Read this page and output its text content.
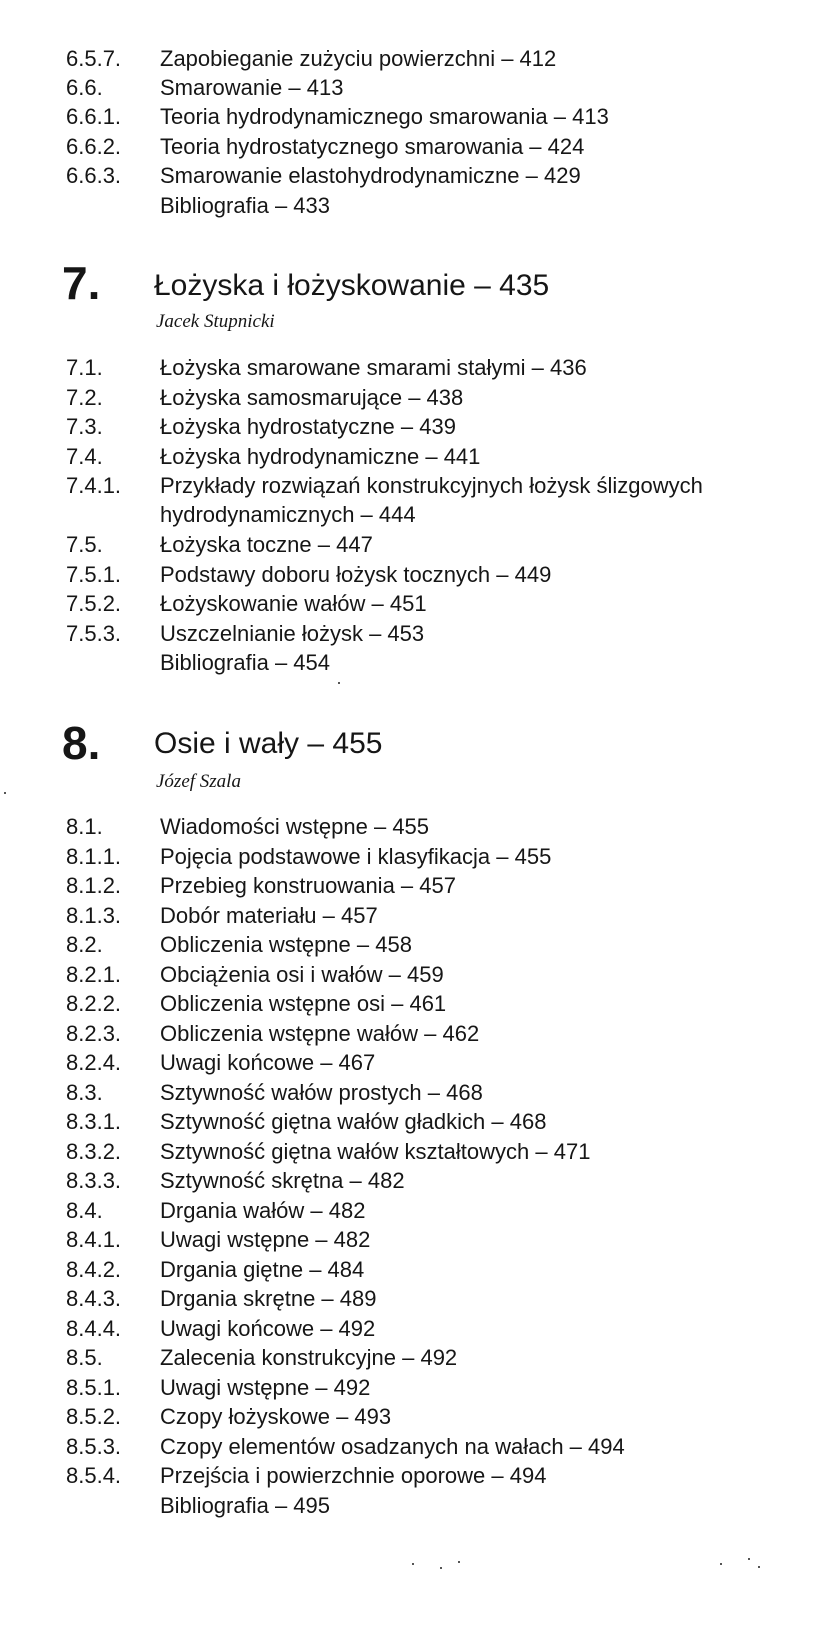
6.5.7. Zapobieganie zużyciu powierzchni – 412
6.6.	Smarowanie – 413
6.6.1. Teoria hydrodynamicznego smarowania – 413
6.6.2. Teoria hydrostatycznego smarowania – 424
6.6.3. Smarowanie elastohydrodynamiczne – 429
Bibliografia – 433
7. Łożyska i łożyskowanie – 435
Jacek Stupnicki
7.1.	Łożyska smarowane smarami stałymi – 436
7.2.	Łożyska samosmarujące – 438
7.3.	Łożyska hydrostatyczne – 439
7.4.	Łożyska hydrodynamiczne – 441
7.4.1. Przykłady rozwiązań konstrukcyjnych łożysk ślizgowych
hydrodynamicznych – 444
7.5.	Łożyska toczne – 447
7.5.1. Podstawy doboru łożysk tocznych – 449
7.5.2. Łożyskowanie wałów – 451
7.5.3. Uszczelnianie łożysk – 453
Bibliografia – 454
8. Osie i wały – 455
Józef Szala
8.1.	Wiadomości wstępne – 455
8.1.1. Pojęcia podstawowe i klasyfikacja – 455
8.1.2. Przebieg konstruowania – 457
8.1.3. Dobór materiału – 457
8.2.	Obliczenia wstępne – 458
8.2.1. Obciążenia osi i wałów – 459
8.2.2. Obliczenia wstępne osi – 461
8.2.3. Obliczenia wstępne wałów – 462
8.2.4. Uwagi końcowe – 467
8.3.	Sztywność wałów prostych – 468
8.3.1. Sztywność giętna wałów gładkich – 468
8.3.2. Sztywność giętna wałów kształtowych – 471
8.3.3. Sztywność skrętna – 482
8.4.	Drgania wałów – 482
8.4.1. Uwagi wstępne – 482
8.4.2. Drgania giętne – 484
8.4.3. Drgania skrętne – 489
8.4.4. Uwagi końcowe – 492
8.5.	Zalecenia konstrukcyjne – 492
8.5.1. Uwagi wstępne – 492
8.5.2. Czopy łożyskowe – 493
8.5.3. Czopy elementów osadzanych na wałach – 494
8.5.4. Przejścia i powierzchnie oporowe – 494
Bibliografia – 495
